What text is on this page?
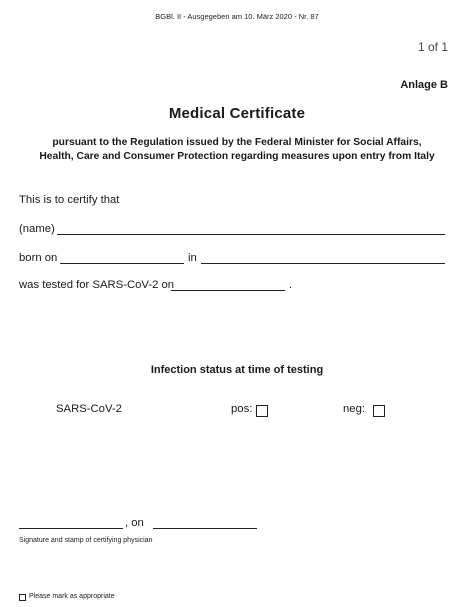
BGBl. II - Ausgegeben am 10. März 2020 - Nr. 87
1 of 1
Anlage B
Medical Certificate
pursuant to the Regulation issued by the Federal Minister for Social Affairs,
Health, Care and Consumer Protection regarding measures upon entry from Italy
This is to certify that
(name)
born on	in
was tested for SARS-CoV-2 on	.
Infection status at time of testing
SARS-CoV-2	pos:	neg:
, on
Signature and stamp of certifying physician
Please mark as appropriate
